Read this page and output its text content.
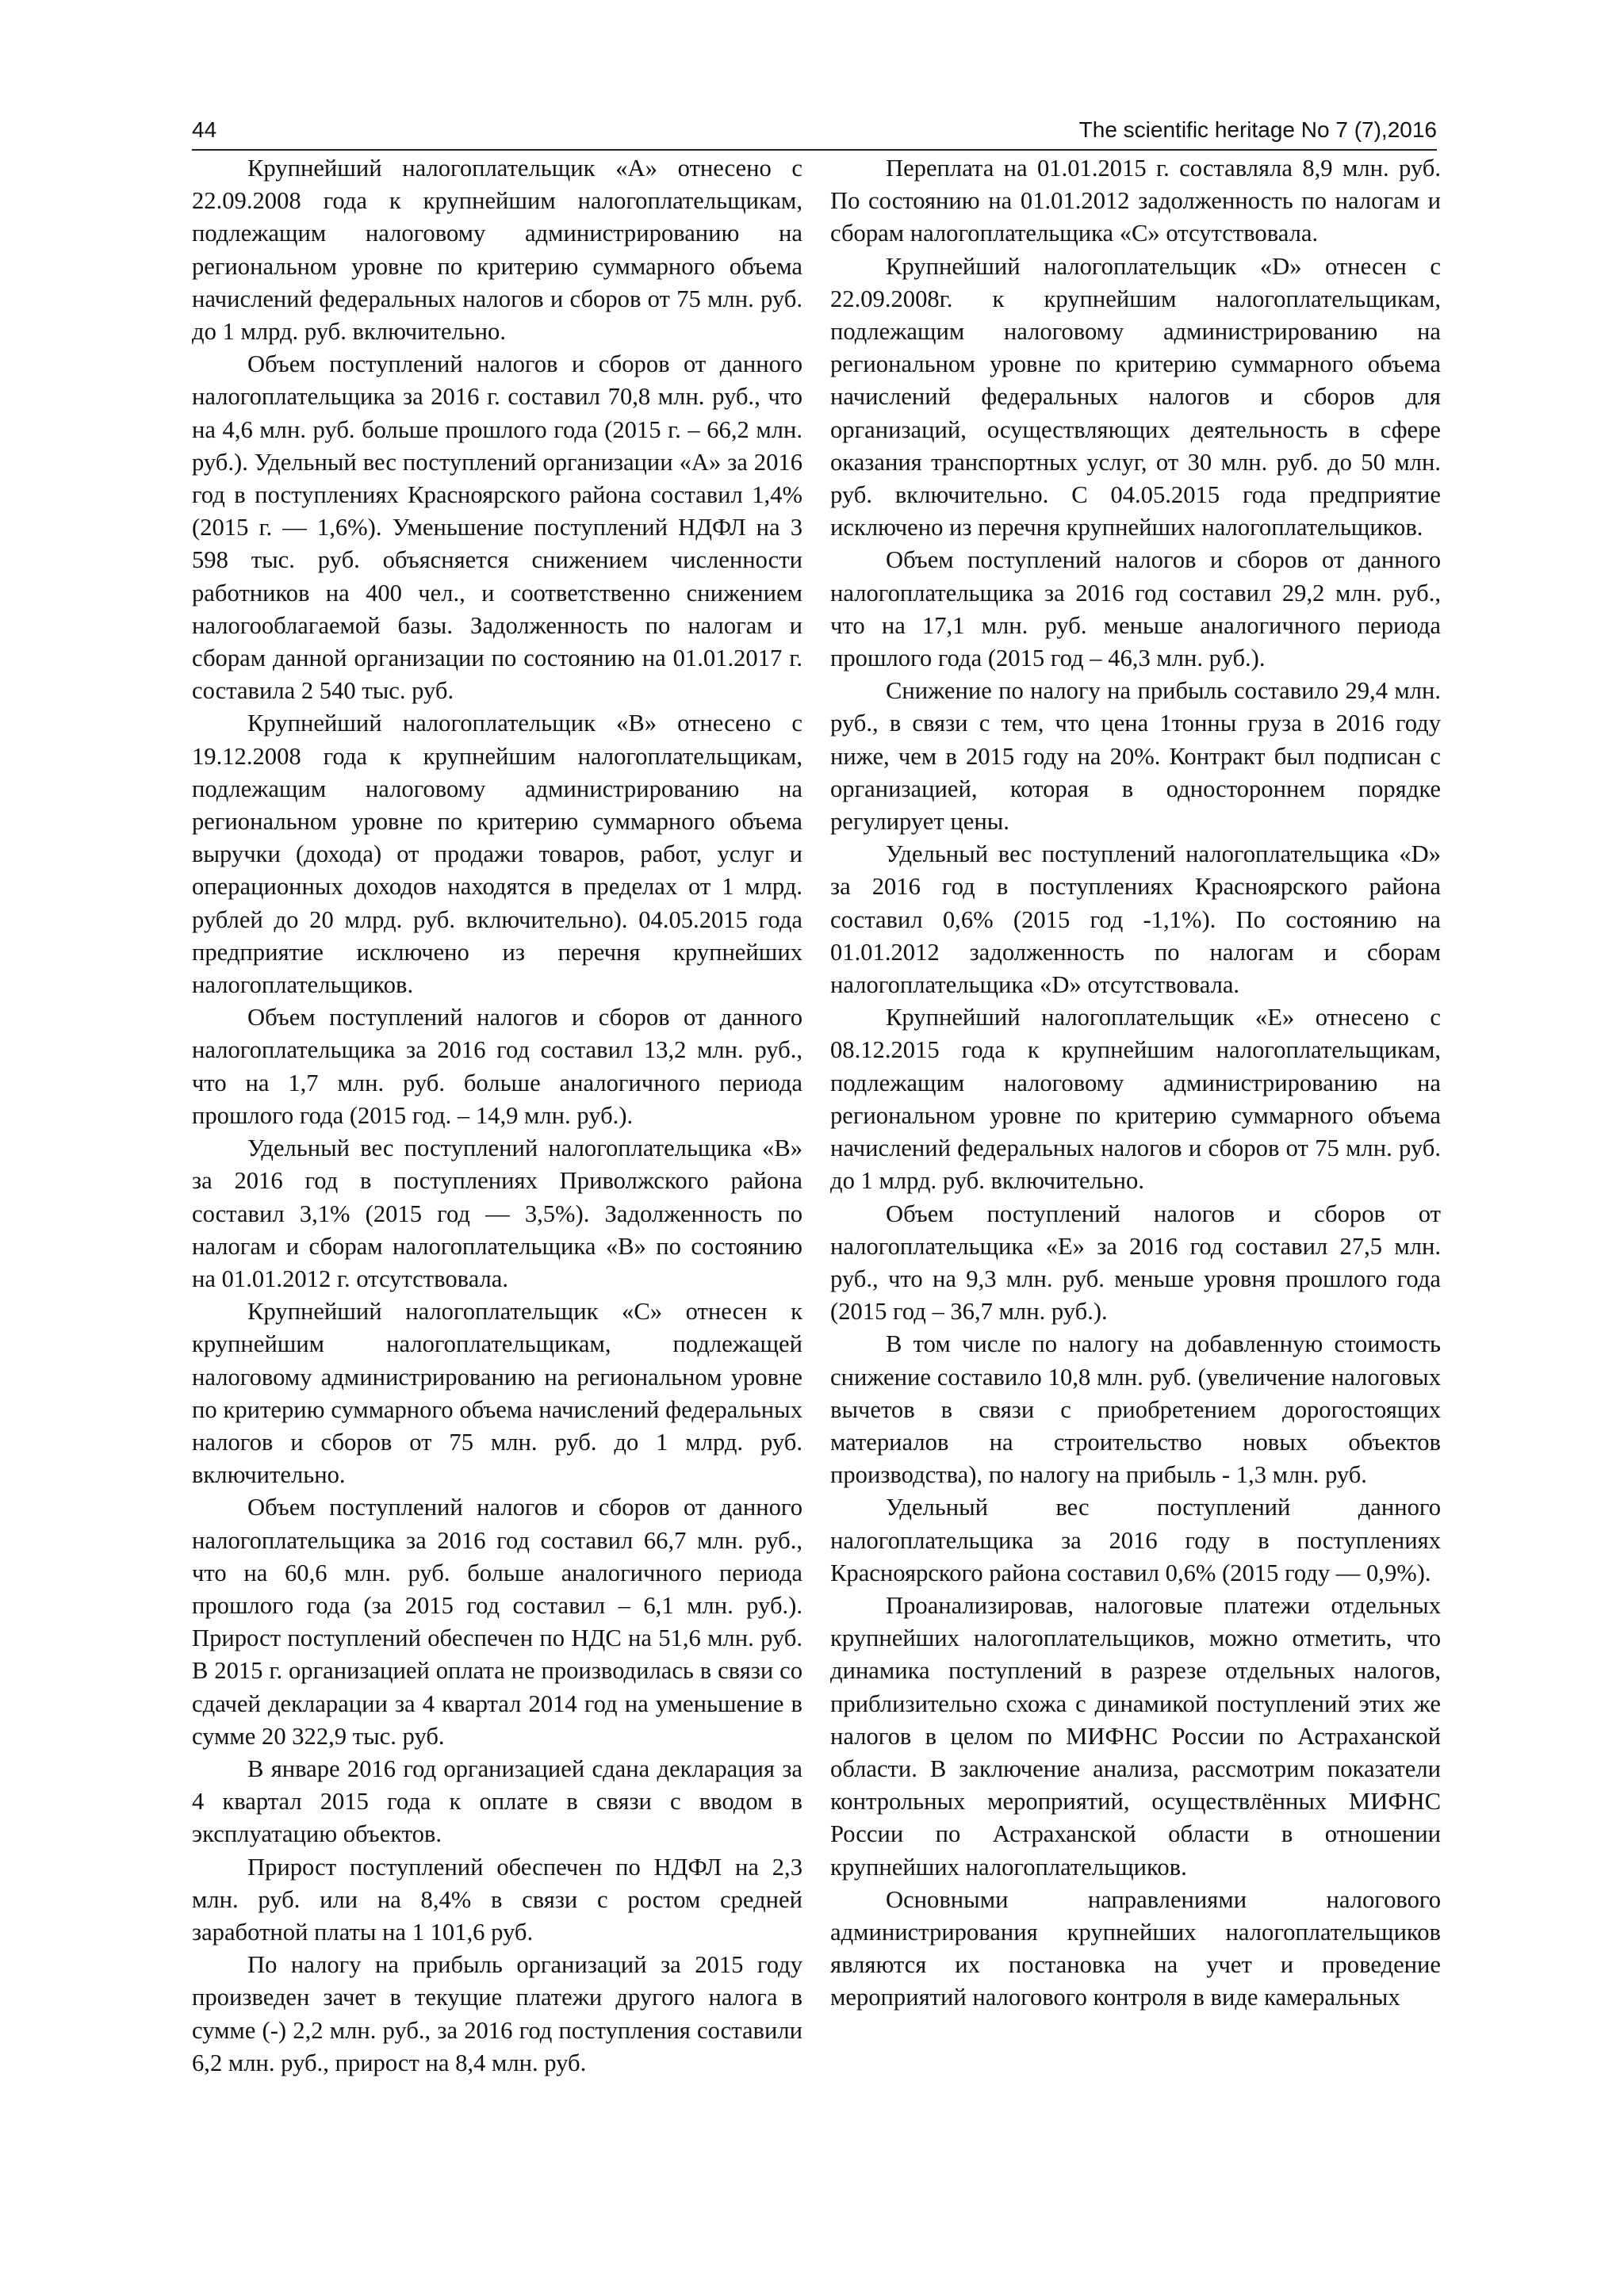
44	The scientific heritage No 7 (7),2016

Крупнейший налогоплательщик «А» отнесено с 22.09.2008 года к крупнейшим налогоплательщикам, подлежащим налоговому администрированию на региональном уровне по критерию суммарного объема начислений федеральных налогов и сборов от 75 млн. руб. до 1 млрд. руб. включительно.

Объем поступлений налогов и сборов от данного налогоплательщика за 2016 г. составил 70,8 млн. руб., что на 4,6 млн. руб. больше прошлого года (2015 г. – 66,2 млн. руб.). Удельный вес поступлений организации «А» за 2016 год в поступлениях Красноярского района составил 1,4% (2015 г. — 1,6%). Уменьшение поступлений НДФЛ на 3 598 тыс. руб. объясняется снижением численности работников на 400 чел., и соответственно снижением налогооблагаемой базы. Задолженность по налогам и сборам данной организации по состоянию на 01.01.2017 г. составила 2 540 тыс. руб.

Крупнейший налогоплательщик «В» отнесено с 19.12.2008 года к крупнейшим налогоплательщикам, подлежащим налоговому администрированию на региональном уровне по критерию суммарного объема выручки (дохода) от продажи товаров, работ, услуг и операционных доходов находятся в пределах от 1 млрд. рублей до 20 млрд. руб. включительно). 04.05.2015 года предприятие исключено из перечня крупнейших налогоплательщиков.

Объем поступлений налогов и сборов от данного налогоплательщика за 2016 год составил 13,2 млн. руб., что на 1,7 млн. руб. больше аналогичного периода прошлого года (2015 год. – 14,9 млн. руб.).

Удельный вес поступлений налогоплательщика «В» за 2016 год в поступлениях Приволжского района составил 3,1% (2015 год — 3,5%). Задолженность по налогам и сборам налогоплательщика «В» по состоянию на 01.01.2012 г. отсутствовала.

Крупнейший налогоплательщик «С» отнесен к крупнейшим налогоплательщикам, подлежащей налоговому администрированию на региональном уровне по критерию суммарного объема начислений федеральных налогов и сборов от 75 млн. руб. до 1 млрд. руб. включительно.

Объем поступлений налогов и сборов от данного налогоплательщика за 2016 год составил 66,7 млн. руб., что на 60,6 млн. руб. больше аналогичного периода прошлого года (за 2015 год составил – 6,1 млн. руб.). Прирост поступлений обеспечен по НДС на 51,6 млн. руб. В 2015 г. организацией оплата не производилась в связи со сдачей декларации за 4 квартал 2014 год на уменьшение в сумме 20 322,9 тыс. руб.

В январе 2016 год организацией сдана декларация за 4 квартал 2015 года к оплате в связи с вводом в эксплуатацию объектов.

Прирост поступлений обеспечен по НДФЛ на 2,3 млн. руб. или на 8,4% в связи с ростом средней заработной платы на 1 101,6 руб.

По налогу на прибыль организаций за 2015 году произведен зачет в текущие платежи другого налога в сумме (-) 2,2 млн. руб., за 2016 год поступления составили 6,2 млн. руб., прирост на 8,4 млн. руб.

Переплата на 01.01.2015 г. составляла 8,9 млн. руб. По состоянию на 01.01.2012 задолженность по налогам и сборам налогоплательщика «С» отсутствовала.

Крупнейший налогоплательщик «D» отнесен с 22.09.2008г. к крупнейшим налогоплательщикам, подлежащим налоговому администрированию на региональном уровне по критерию суммарного объема начислений федеральных налогов и сборов для организаций, осуществляющих деятельность в сфере оказания транспортных услуг, от 30 млн. руб. до 50 млн. руб. включительно. С 04.05.2015 года предприятие исключено из перечня крупнейших налогоплательщиков.

Объем поступлений налогов и сборов от данного налогоплательщика за 2016 год составил 29,2 млн. руб., что на 17,1 млн. руб. меньше аналогичного периода прошлого года (2015 год – 46,3 млн. руб.).

Снижение по налогу на прибыль составило 29,4 млн. руб., в связи с тем, что цена 1тонны груза в 2016 году ниже, чем в 2015 году на 20%. Контракт был подписан с организацией, которая в одностороннем порядке регулирует цены.

Удельный вес поступлений налогоплательщика «D» за 2016 год в поступлениях Красноярского района составил 0,6% (2015 год -1,1%). По состоянию на 01.01.2012 задолженность по налогам и сборам налогоплательщика «D» отсутствовала.

Крупнейший налогоплательщик «Е» отнесено с 08.12.2015 года к крупнейшим налогоплательщикам, подлежащим налоговому администрированию на региональном уровне по критерию суммарного объема начислений федеральных налогов и сборов от 75 млн. руб. до 1 млрд. руб. включительно.

Объем поступлений налогов и сборов от налогоплательщика «Е» за 2016 год составил 27,5 млн. руб., что на 9,3 млн. руб. меньше уровня прошлого года (2015 год – 36,7 млн. руб.).

В том числе по налогу на добавленную стоимость снижение составило 10,8 млн. руб. (увеличение налоговых вычетов в связи с приобретением дорогостоящих материалов на строительство новых объектов производства), по налогу на прибыль - 1,3 млн. руб.

Удельный вес поступлений данного налогоплательщика за 2016 году в поступлениях Красноярского района составил 0,6% (2015 году — 0,9%).

Проанализировав, налоговые платежи отдельных крупнейших налогоплательщиков, можно отметить, что динамика поступлений в разрезе отдельных налогов, приблизительно схожа с динамикой поступлений этих же налогов в целом по МИФНС России по Астраханской области. В заключение анализа, рассмотрим показатели контрольных мероприятий, осуществлённых МИФНС России по Астраханской области в отношении крупнейших налогоплательщиков.

Основными направлениями налогового администрирования крупнейших налогоплательщиков являются их постановка на учет и проведение мероприятий налогового контроля в виде камеральных
